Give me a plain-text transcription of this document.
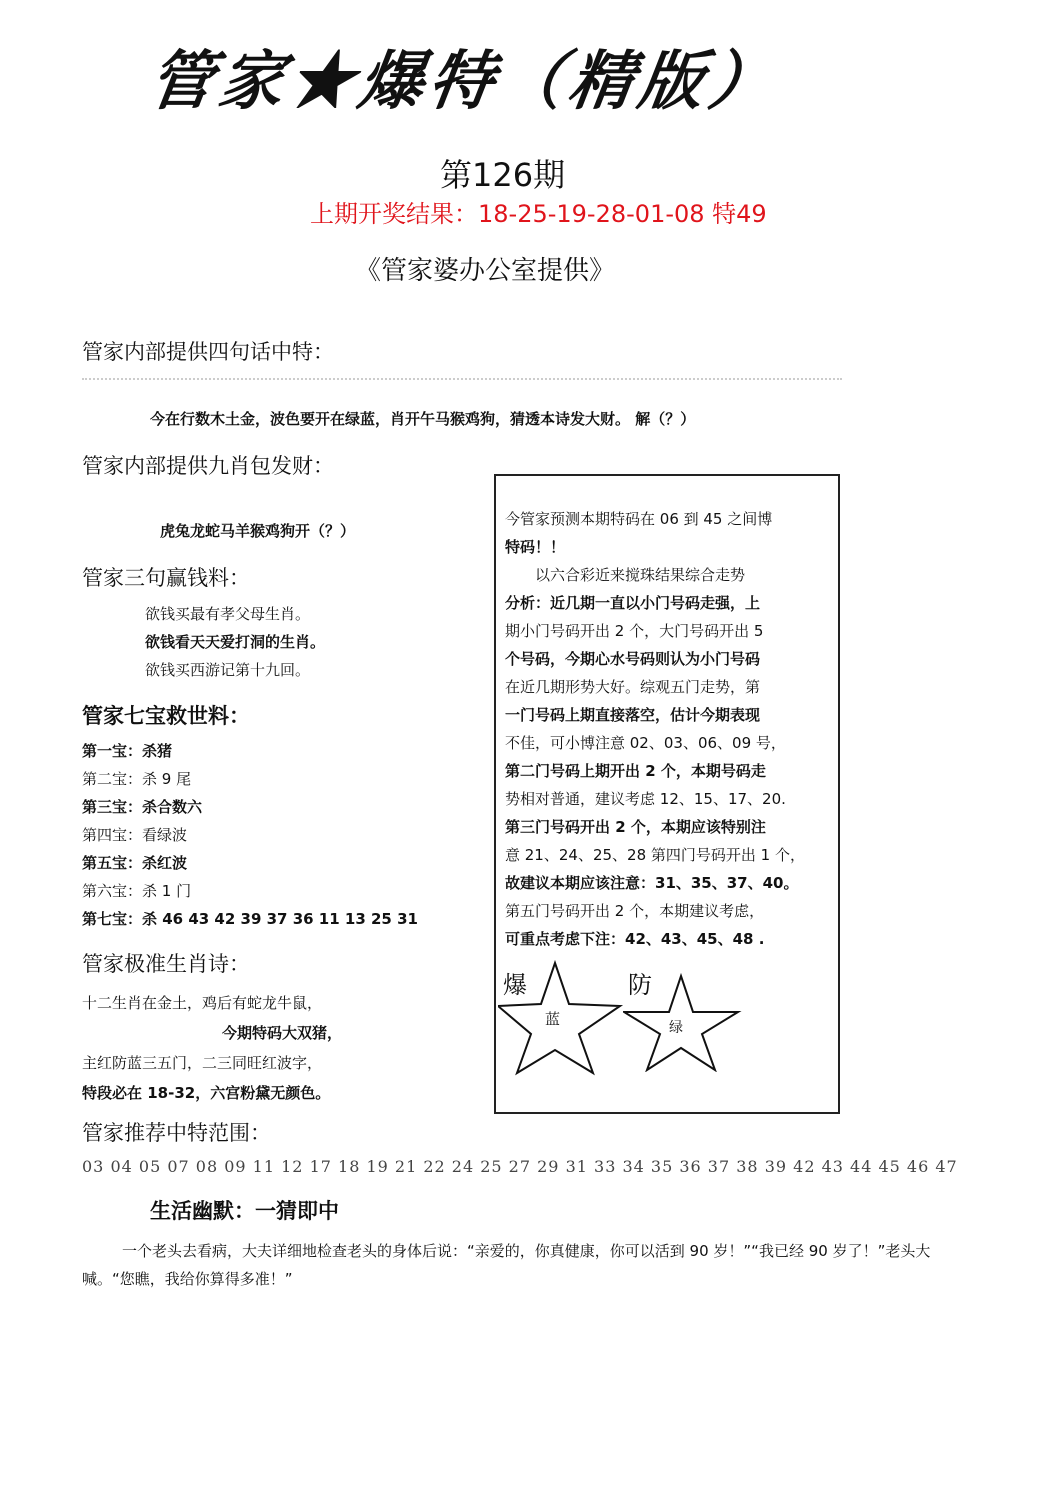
管家★爆特（精版）
第126期
上期开奖结果：18-25-19-28-01-08 特49
《管家婆办公室提供》
管家内部提供四句话中特：
今在行数木土金，波色要开在绿蓝，肖开午马猴鸡狗，猜透本诗发大财。 解（？）
管家内部提供九肖包发财：
虎兔龙蛇马羊猴鸡狗开（？）
管家三句赢钱料：
欲钱买最有孝父母生肖。
欲钱看天天爱打洞的生肖。
欲钱买西游记第十九回。
管家七宝救世料：
第一宝：杀猪
第二宝：杀 9 尾
第三宝：杀合数六
第四宝：看绿波
第五宝：杀红波
第六宝：杀 1 门
第七宝：杀 46 43 42 39 37 36 11 13 25 31
管家极准生肖诗：
十二生肖在金土，鸡后有蛇龙牛鼠，
今期特码大双猪，
主红防蓝三五门，二三同旺红波字，
特段必在 18-32，六宫粉黛无颜色。
今管家预测本期特码在 06 到 45 之间博
特码！！
　　以六合彩近来搅珠结果综合走势
分析：近几期一直以小门号码走强，上
期小门号码开出 2 个，大门号码开出 5
个号码，今期心水号码则认为小门号码
在近几期形势大好。综观五门走势，第
一门号码上期直接落空，估计今期表现
不佳，可小博注意 02、03、06、09 号，
第二门号码上期开出 2 个，本期号码走
势相对普通，建议考虑 12、15、17、20.
第三门号码开出 2 个，本期应该特别注
意 21、24、25、28 第四门号码开出 1 个，
故建议本期应该注意：31、35、37、40。
第五门号码开出 2 个，本期建议考虑，
可重点考虑下注：42、43、45、48 .
爆
蓝
防
绿
管家推荐中特范围：
03 04 05 07 08 09 11 12 17 18 19 21 22 24 25 27 29 31 33 34 35 36 37 38 39 42 43 44 45 46 47
生活幽默：一猜即中
一个老头去看病，大夫详细地检查老头的身体后说：“亲爱的，你真健康，你可以活到 90 岁！”“我已经 90 岁了！”老头大喊。“您瞧，我给你算得多准！”
